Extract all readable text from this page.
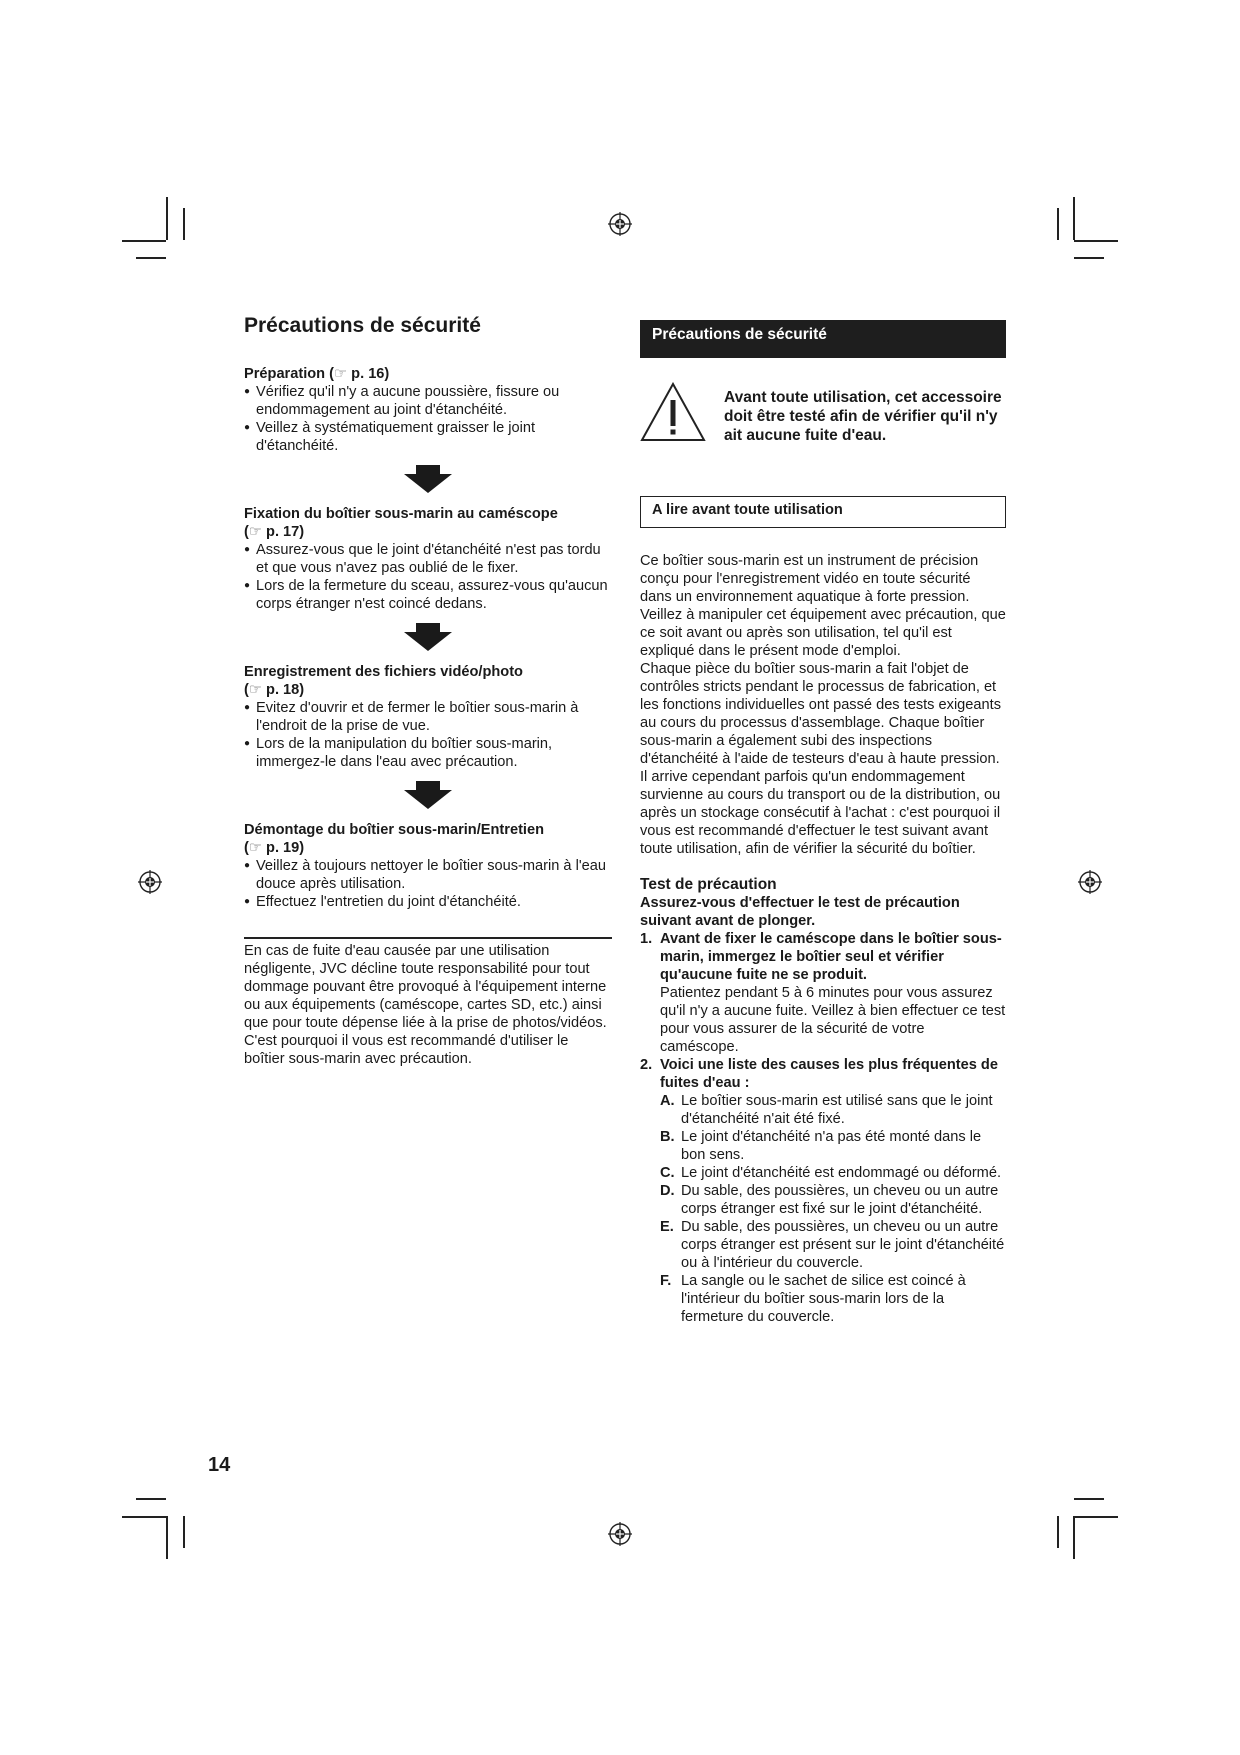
Précautions de sécurité
Préparation (☞ p. 16)
● Vérifiez qu'il n'y a aucune poussière, fissure ou endommagement au joint d'étanchéité.
● Veillez à systématiquement graisser le joint d'étanchéité.
Fixation du boîtier sous-marin au caméscope
(☞ p. 17)
● Assurez-vous que le joint d'étanchéité n'est pas tordu et que vous n'avez pas oublié de le fixer.
● Lors de la fermeture du sceau, assurez-vous qu'aucun corps étranger n'est coincé dedans.
Enregistrement des fichiers vidéo/photo
(☞ p. 18)
● Evitez d'ouvrir et de fermer le boîtier sous-marin à l'endroit de la prise de vue.
● Lors de la manipulation du boîtier sous-marin, immergez-le dans l'eau avec précaution.
Démontage du boîtier sous-marin/Entretien
(☞ p. 19)
● Veillez à toujours nettoyer le boîtier sous-marin à l'eau douce après utilisation.
● Effectuez l'entretien du joint d'étanchéité.
En cas de fuite d'eau causée par une utilisation négligente, JVC décline toute responsabilité pour tout dommage pouvant être provoqué à l'équipement interne ou aux équipements (caméscope, cartes SD, etc.) ainsi que pour toute dépense liée à la prise de photos/vidéos. C'est pourquoi il vous est recommandé d'utiliser le boîtier sous-marin avec précaution.
Précautions de sécurité
Avant toute utilisation, cet accessoire doit être testé afin de vérifier qu'il n'y ait aucune fuite d'eau.
A lire avant toute utilisation
Ce boîtier sous-marin est un instrument de précision conçu pour l'enregistrement vidéo en toute sécurité dans un environnement aquatique à forte pression. Veillez à manipuler cet équipement avec précaution, que ce soit avant ou après son utilisation, tel qu'il est expliqué dans le présent mode d'emploi.
Chaque pièce du boîtier sous-marin a fait l'objet de contrôles stricts pendant le processus de fabrication, et les fonctions individuelles ont passé des tests exigeants au cours du processus d'assemblage. Chaque boîtier sous-marin a également subi des inspections d'étanchéité à l'aide de testeurs d'eau à haute pression. Il arrive cependant parfois qu'un endommagement survienne au cours du transport ou de la distribution, ou après un stockage consécutif à l'achat : c'est pourquoi il vous est recommandé d'effectuer le test suivant avant toute utilisation, afin de vérifier la sécurité du boîtier.
Test de précaution
Assurez-vous d'effectuer le test de précaution suivant avant de plonger.
1. Avant de fixer le caméscope dans le boîtier sous-marin, immergez le boîtier seul et vérifier qu'aucune fuite ne se produit.
Patientez pendant 5 à 6 minutes pour vous assurez qu'il n'y a aucune fuite. Veillez à bien effectuer ce test pour vous assurer de la sécurité de votre caméscope.
2. Voici une liste des causes les plus fréquentes de fuites d'eau :
A. Le boîtier sous-marin est utilisé sans que le joint d'étanchéité n'ait été fixé.
B. Le joint d'étanchéité n'a pas été monté dans le bon sens.
C. Le joint d'étanchéité est endommagé ou déformé.
D. Du sable, des poussières, un cheveu ou un autre corps étranger est fixé sur le joint d'étanchéité.
E. Du sable, des poussières, un cheveu ou un autre corps étranger est présent sur le joint d'étanchéité ou à l'intérieur du couvercle.
F. La sangle ou le sachet de silice est coincé à l'intérieur du boîtier sous-marin lors de la fermeture du couvercle.
14
